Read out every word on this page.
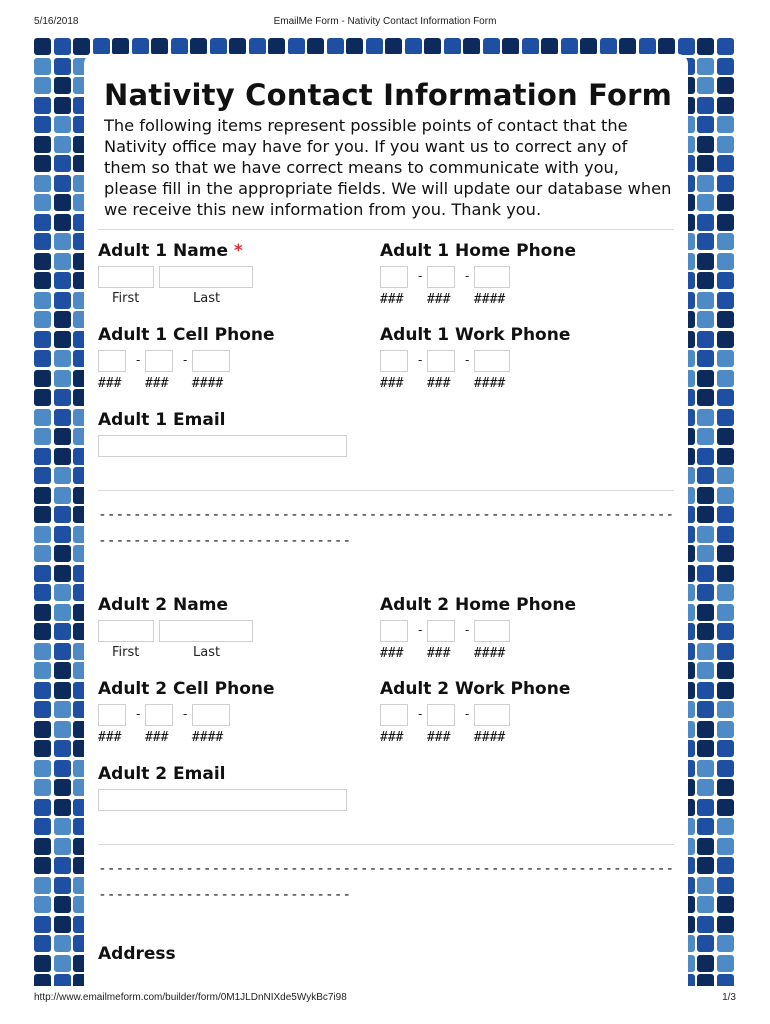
5/16/2018	EmailMe Form - Nativity Contact Information Form
Nativity Contact Information Form
The following items represent possible points of contact that the Nativity office may have for you. If you want us to correct any of them so that we have correct means to communicate with you, please fill in the appropriate fields. We will update our database when we receive this new information from you. Thank you.
Adult 1 Name *
First	Last
Adult 1 Home Phone
-	-
###   ###   ####
Adult 1 Cell Phone
-	-
###   ###   ####
Adult 1 Work Phone
-	-
###   ###   ####
Adult 1 Email
-----------------------------------------------------------------------------------------------
Adult 2 Name
First	Last
Adult 2 Home Phone
-	-
###   ###   ####
Adult 2 Cell Phone
-	-
###   ###   ####
Adult 2 Work Phone
-	-
###   ###   ####
Adult 2 Email
-----------------------------------------------------------------------------------------------
Address
http://www.emailmeform.com/builder/form/0M1JLDnNIXde5WykBc7i98	1/3
